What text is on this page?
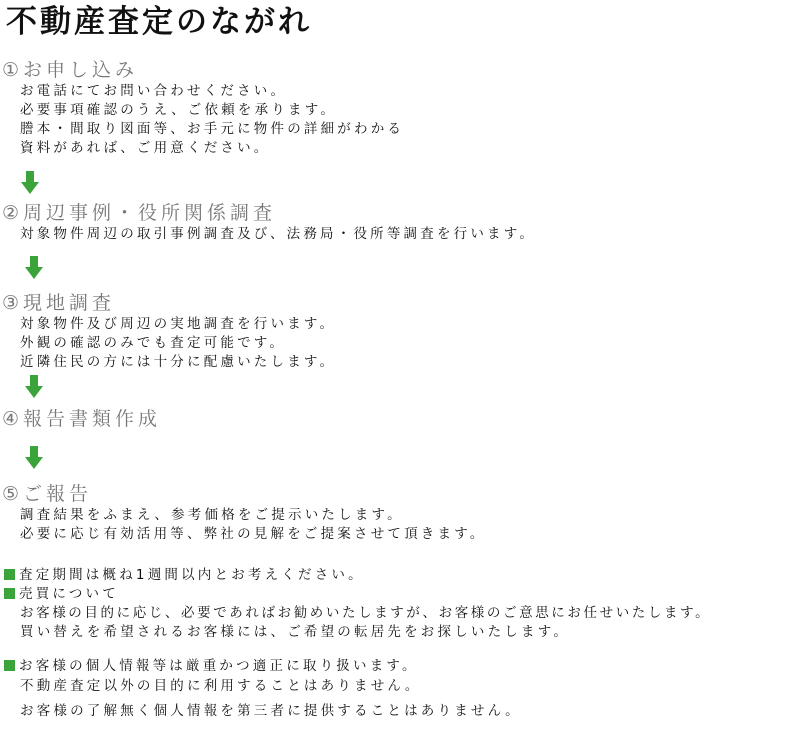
不動産査定のながれ
①お申し込み
お電話にてお問い合わせください。
必要事項確認のうえ、ご依頼を承ります。
謄本・間取り図面等、お手元に物件の詳細がわかる
資料があれば、ご用意ください。
②周辺事例・役所関係調査
対象物件周辺の取引事例調査及び、法務局・役所等調査を行います。
③現地調査
対象物件及び周辺の実地調査を行います。
外観の確認のみでも査定可能です。
近隣住民の方には十分に配慮いたします。
④報告書類作成
⑤ご報告
調査結果をふまえ、参考価格をご提示いたします。
必要に応じ有効活用等、弊社の見解をご提案させて頂きます。
査定期間は概ね1週間以内とお考えください。
売買について
お客様の目的に応じ、必要であればお勧めいたしますが、お客様のご意思にお任せいたします。
買い替えを希望されるお客様には、ご希望の転居先をお探しいたします。
お客様の個人情報等は厳重かつ適正に取り扱います。
不動産査定以外の目的に利用することはありません。
お客様の了解無く個人情報を第三者に提供することはありません。
